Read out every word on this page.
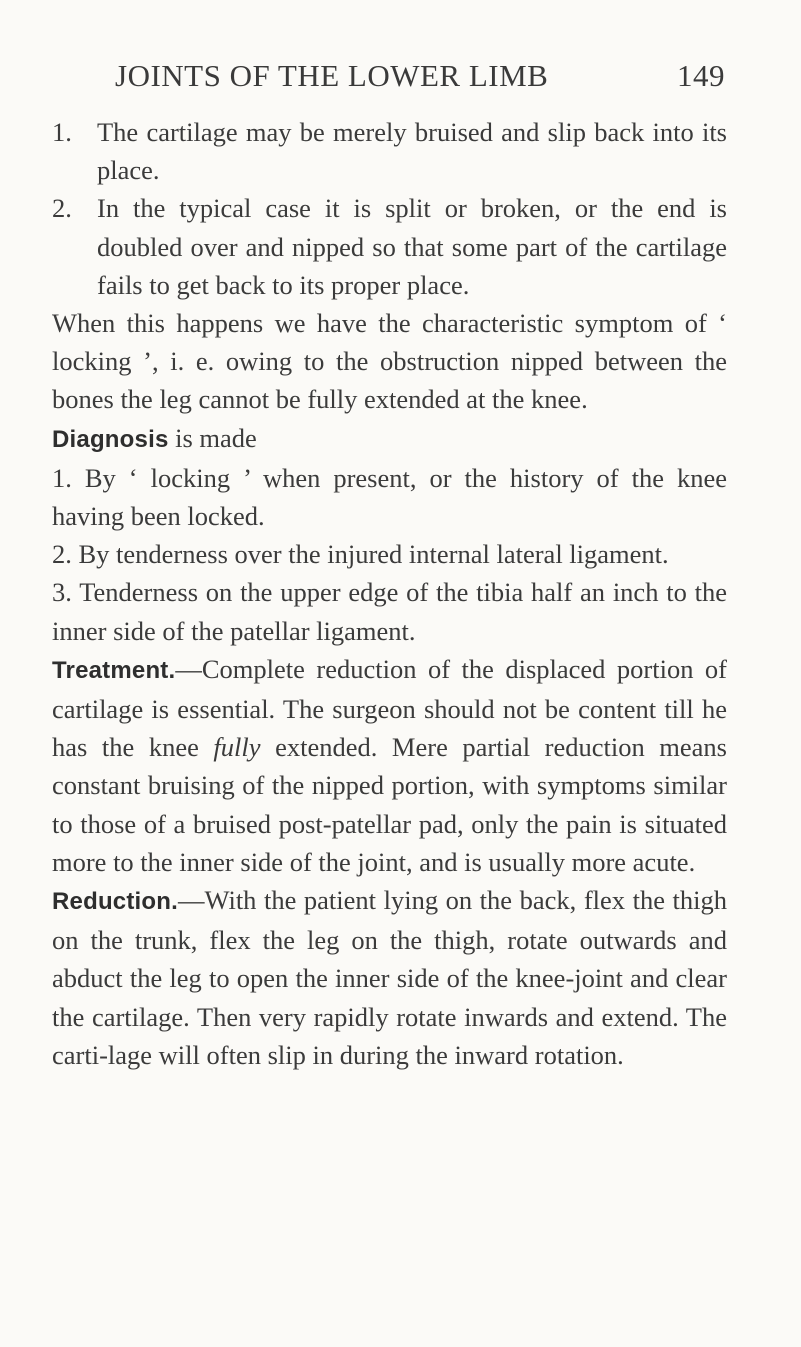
JOINTS OF THE LOWER LIMB	149
1. The cartilage may be merely bruised and slip back into its place.
2. In the typical case it is split or broken, or the end is doubled over and nipped so that some part of the cartilage fails to get back to its proper place.

When this happens we have the characteristic symptom of ‘ locking ’, i. e. owing to the obstruction nipped between the bones the leg cannot be fully extended at the knee.

Diagnosis is made

1. By ‘ locking ’ when present, or the history of the knee having been locked.

2. By tenderness over the injured internal lateral ligament.

3. Tenderness on the upper edge of the tibia half an inch to the inner side of the patellar ligament.

Treatment.—Complete reduction of the displaced portion of cartilage is essential. The surgeon should not be content till he has the knee fully extended. Mere partial reduction means constant bruising of the nipped portion, with symptoms similar to those of a bruised post-patellar pad, only the pain is situated more to the inner side of the joint, and is usually more acute.

Reduction.—With the patient lying on the back, flex the thigh on the trunk, flex the leg on the thigh, rotate outwards and abduct the leg to open the inner side of the knee-joint and clear the cartilage. Then very rapidly rotate inwards and extend. The carti-lage will often slip in during the inward rotation.
